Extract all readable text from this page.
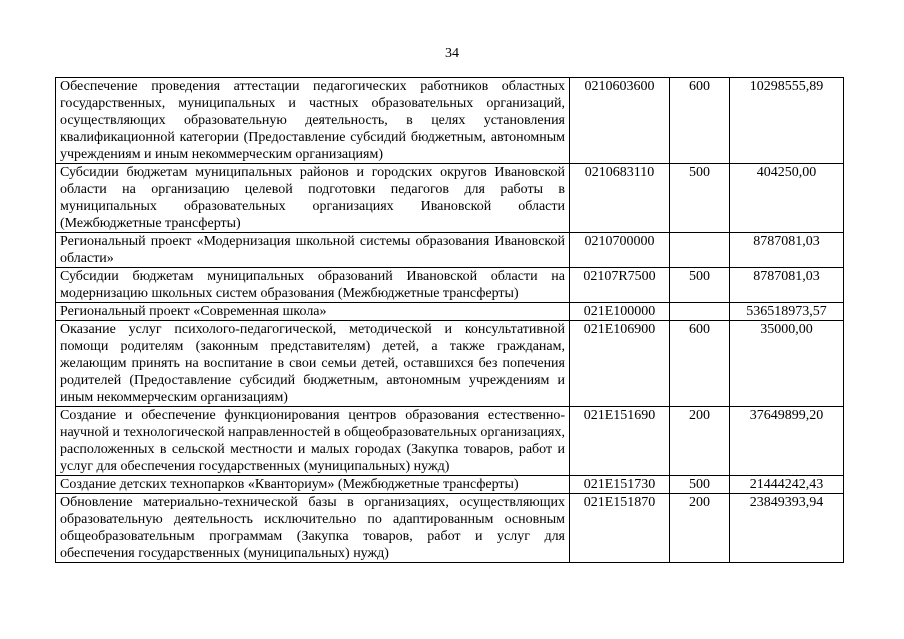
34
Обеспечение проведения аттестации педагогических работников областных государственных, муниципальных и частных образовательных организаций, осуществляющих образовательную деятельность, в целях установления квалификационной категории (Предоставление субсидий бюджетным, автономным учреждениям и иным некоммерческим организациям)	0210603600	600	10298555,89
Субсидии бюджетам муниципальных районов и городских округов Ивановской области на организацию целевой подготовки педагогов для работы в муниципальных образовательных организациях Ивановской области (Межбюджетные трансферты)	0210683110	500	404250,00
Региональный проект «Модернизация школьной системы образования Ивановской области»	0210700000		8787081,03
Субсидии бюджетам муниципальных образований Ивановской области на модернизацию школьных систем образования (Межбюджетные трансферты)	02107R7500	500	8787081,03
Региональный проект «Современная школа»	021E100000		536518973,57
Оказание услуг психолого-педагогической, методической и консультативной помощи родителям (законным представителям) детей, а также гражданам, желающим принять на воспитание в свои семьи детей, оставшихся без попечения родителей (Предоставление субсидий бюджетным, автономным учреждениям и иным некоммерческим организациям)	021E106900	600	35000,00
Создание и обеспечение функционирования центров образования естественно-научной и технологической направленностей в общеобразовательных организациях, расположенных в сельской местности и малых городах (Закупка товаров, работ и услуг для обеспечения государственных (муниципальных) нужд)	021E151690	200	37649899,20
Создание детских технопарков «Кванториум» (Межбюджетные трансферты)	021E151730	500	21444242,43
Обновление материально-технической базы в организациях, осуществляющих образовательную деятельность исключительно по адаптированным основным общеобразовательным программам (Закупка товаров, работ и услуг для обеспечения государственных (муниципальных) нужд)	021E151870	200	23849393,94
